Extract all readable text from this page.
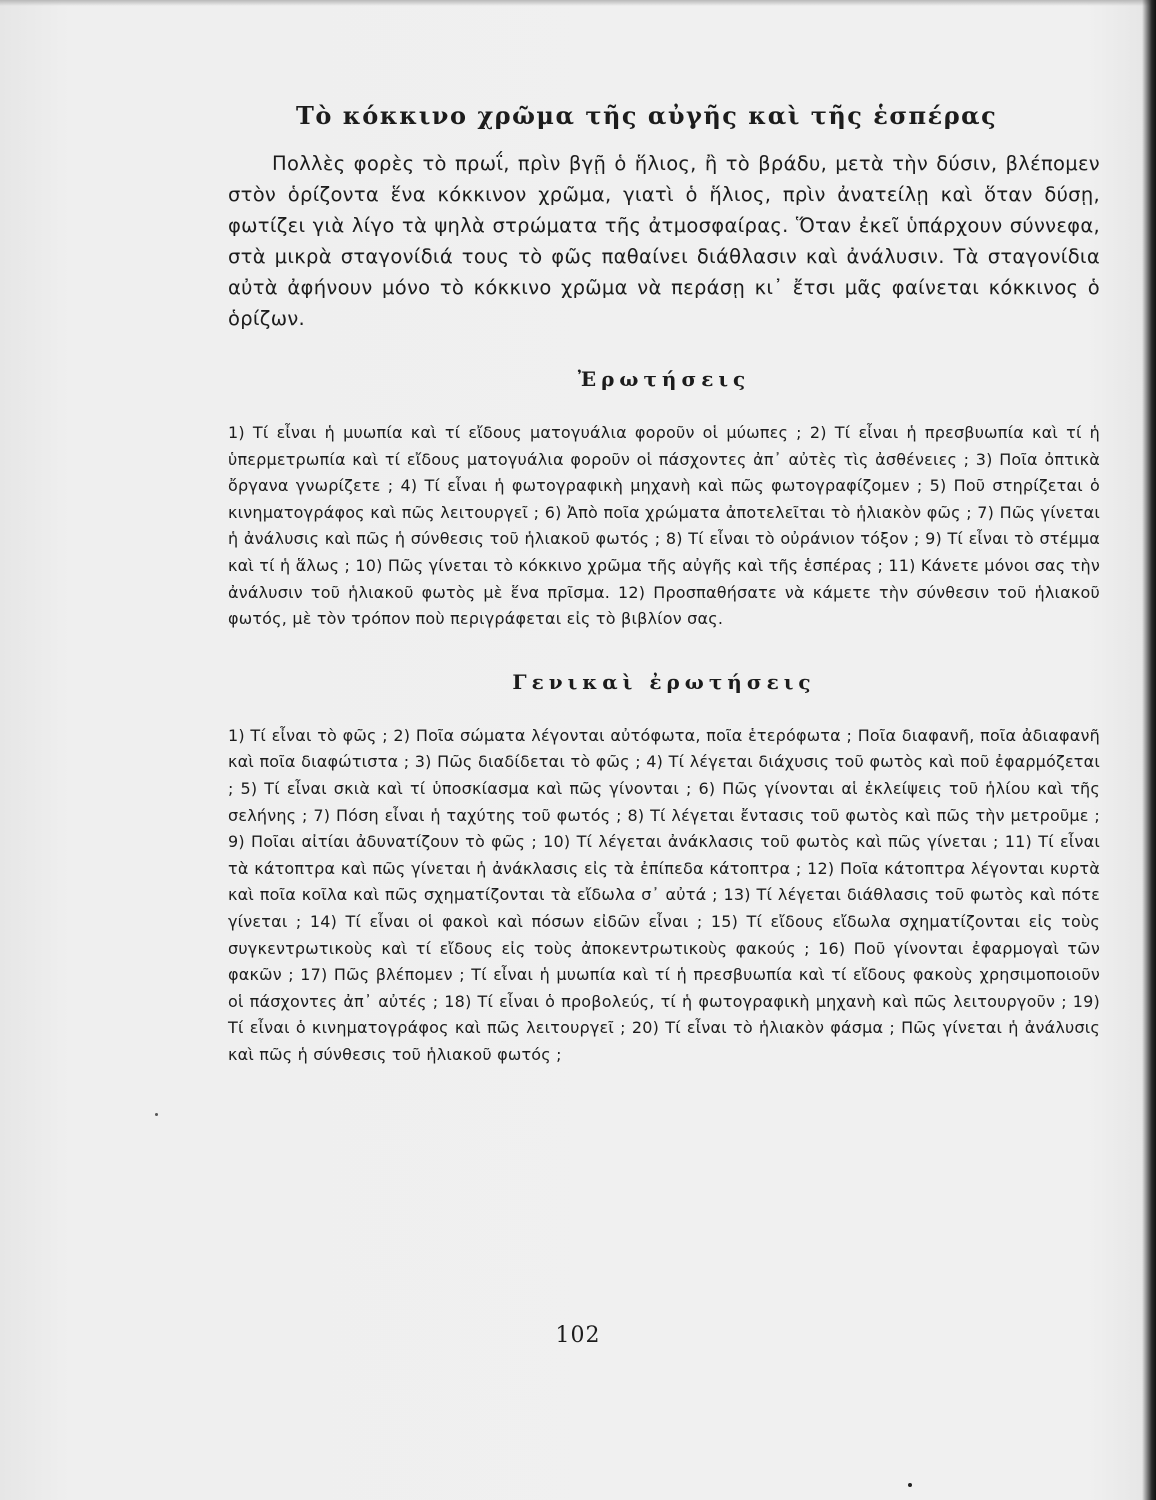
Τὸ κόκκινο χρῶμα τῆς αὐγῆς καὶ τῆς ἑσπέρας

Πολλὲς φορὲς τὸ πρωΐ, πρὶν βγῇ ὁ ἥλιος, ἢ τὸ βράδυ, μετὰ τὴν δύσιν, βλέπομεν στὸν ὁρίζοντα ἕνα κόκκινον χρῶμα, γιατὶ ὁ ἥλιος, πρὶν ἀνατείλῃ καὶ ὅταν δύσῃ, φωτίζει γιὰ λίγο τὰ ψηλὰ στρώματα τῆς ἀτμοσφαίρας. Ὅταν ἐκεῖ ὑπάρχουν σύννεφα, στὰ μικρὰ σταγονίδιά τους τὸ φῶς παθαίνει διάθλασιν καὶ ἀνάλυσιν. Τὰ σταγονίδια αὐτὰ ἀφήνουν μόνο τὸ κόκκινο χρῶμα νὰ περάσῃ κι᾽ ἔτσι μᾶς φαίνεται κόκκινος ὁ ὁρίζων.

Ἐρωτήσεις

1) Τί εἶναι ἡ μυωπία καὶ τί εἴδους ματογυάλια φοροῦν οἱ μύωπες ; 2) Τί εἶναι ἡ πρεσβυωπία καὶ τί ἡ ὑπερμετρωπία καὶ τί εἴδους ματογυάλια φοροῦν οἱ πάσχοντες ἀπ᾽ αὐτὲς τὶς ἀσθένειες ; 3) Ποῖα ὀπτικὰ ὄργανα γνωρίζετε ; 4) Τί εἶναι ἡ φωτογραφικὴ μηχανὴ καὶ πῶς φωτογραφίζομεν ; 5) Ποῦ στηρίζεται ὁ κινηματογράφος καὶ πῶς λειτουργεῖ ; 6) Ἀπὸ ποῖα χρώματα ἀποτελεῖται τὸ ἡλιακὸν φῶς ; 7) Πῶς γίνεται ἡ ἀνάλυσις καὶ πῶς ἡ σύνθεσις τοῦ ἡλιακοῦ φωτός ; 8) Τί εἶναι τὸ οὐράνιον τόξον ; 9) Τί εἶναι τὸ στέμμα καὶ τί ἡ ἅλως ; 10) Πῶς γίνεται τὸ κόκκινο χρῶμα τῆς αὐγῆς καὶ τῆς ἑσπέρας ; 11) Κάνετε μόνοι σας τὴν ἀνάλυσιν τοῦ ἡλιακοῦ φωτὸς μὲ ἕνα πρῖσμα. 12) Προσπαθήσατε νὰ κάμετε τὴν σύνθεσιν τοῦ ἡλιακοῦ φωτός, μὲ τὸν τρόπον ποὺ περιγράφεται εἰς τὸ βιβλίον σας.

Γενικαὶ ἐρωτήσεις

1) Τί εἶναι τὸ φῶς ; 2) Ποῖα σώματα λέγονται αὐτόφωτα, ποῖα ἑτερόφωτα ; Ποῖα διαφανῆ, ποῖα ἀδιαφανῆ καὶ ποῖα διαφώτιστα ; 3) Πῶς διαδίδεται τὸ φῶς ; 4) Τί λέγεται διάχυσις τοῦ φωτὸς καὶ ποῦ ἐφαρμόζεται ; 5) Τί εἶναι σκιὰ καὶ τί ὑποσκίασμα καὶ πῶς γίνονται ; 6) Πῶς γίνονται αἱ ἐκλείψεις τοῦ ἡλίου καὶ τῆς σελήνης ; 7) Πόση εἶναι ἡ ταχύτης τοῦ φωτός ; 8) Τί λέγεται ἔντασις τοῦ φωτὸς καὶ πῶς τὴν μετροῦμε ; 9) Ποῖαι αἰτίαι ἀδυνατίζουν τὸ φῶς ; 10) Τί λέγεται ἀνάκλασις τοῦ φωτὸς καὶ πῶς γίνεται ; 11) Τί εἶναι τὰ κάτοπτρα καὶ πῶς γίνεται ἡ ἀνάκλασις εἰς τὰ ἐπίπεδα κάτοπτρα ; 12) Ποῖα κάτοπτρα λέγονται κυρτὰ καὶ ποῖα κοῖλα καὶ πῶς σχηματίζονται τὰ εἴδωλα σ᾽ αὐτά ; 13) Τί λέγεται διάθλασις τοῦ φωτὸς καὶ πότε γίνεται ; 14) Τί εἶναι οἱ φακοὶ καὶ πόσων εἰδῶν εἶναι ; 15) Τί εἴδους εἴδωλα σχηματίζονται εἰς τοὺς συγκεντρωτικοὺς καὶ τί εἴδους εἰς τοὺς ἀποκεντρωτικοὺς φακούς ; 16) Ποῦ γίνονται ἐφαρμογαὶ τῶν φακῶν ; 17) Πῶς βλέπομεν ; Τί εἶναι ἡ μυωπία καὶ τί ἡ πρεσβυωπία καὶ τί εἴδους φακοὺς χρησιμοποιοῦν οἱ πάσχοντες ἀπ᾽ αὐτές ; 18) Τί εἶναι ὁ προβολεύς, τί ἡ φωτογραφικὴ μηχανὴ καὶ πῶς λειτουργοῦν ; 19) Τί εἶναι ὁ κινηματογράφος καὶ πῶς λειτουργεῖ ; 20) Τί εἶναι τὸ ἡλιακὸν φάσμα ; Πῶς γίνεται ἡ ἀνάλυσις καὶ πῶς ἡ σύνθεσις τοῦ ἡλιακοῦ φωτός ;

102
